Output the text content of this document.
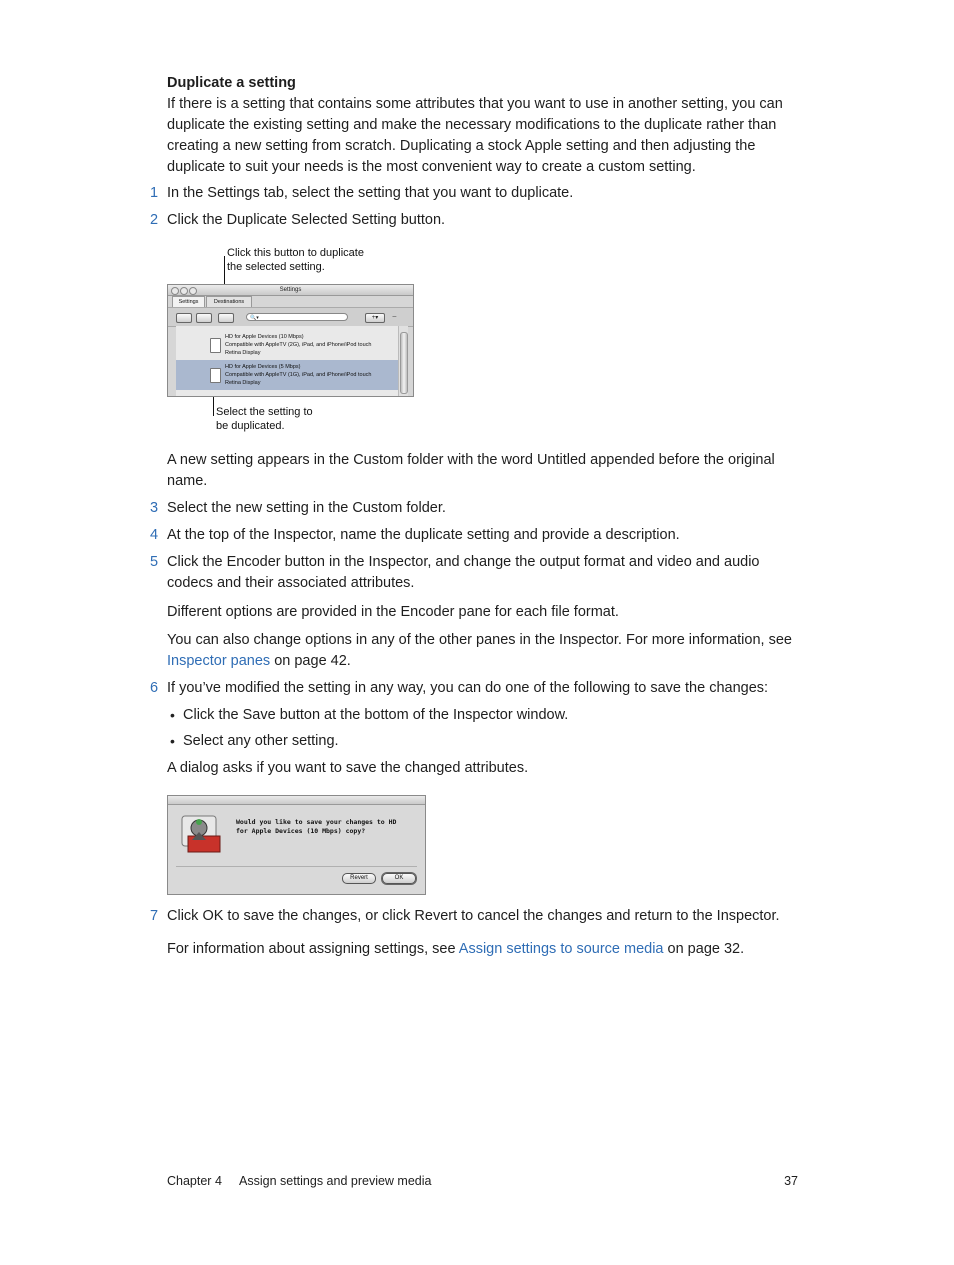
Duplicate a setting
If there is a setting that contains some attributes that you want to use in another setting, you can duplicate the existing setting and make the necessary modifications to the duplicate rather than creating a new setting from scratch. Duplicating a stock Apple setting and then adjusting the duplicate to suit your needs is the most convenient way to create a custom setting.
1 In the Settings tab, select the setting that you want to duplicate.
2 Click the Duplicate Selected Setting button.
Click this button to duplicate the selected setting.
Select the setting to be duplicated.
Settings
Settings	Destinations
🔍▾	+▾	−
HD for Apple Devices (10 Mbps)
Compatible with AppleTV (2G), iPad, and iPhone/iPod touch
Retina Display
HD for Apple Devices (5 Mbps)
Compatible with AppleTV (1G), iPad, and iPhone/iPod touch
Retina Display
A new setting appears in the Custom folder with the word Untitled appended before the original name.
3 Select the new setting in the Custom folder.
4 At the top of the Inspector, name the duplicate setting and provide a description.
5 Click the Encoder button in the Inspector, and change the output format and video and audio codecs and their associated attributes.
Different options are provided in the Encoder pane for each file format.
You can also change options in any of the other panes in the Inspector. For more information, see Inspector panes on page 42.
6 If you’ve modified the setting in any way, you can do one of the following to save the changes:
• Click the Save button at the bottom of the Inspector window.
• Select any other setting.
A dialog asks if you want to save the changed attributes.
Would you like to save your changes to HD
for Apple Devices (10 Mbps) copy?
Revert	OK
7 Click OK to save the changes, or click Revert to cancel the changes and return to the Inspector.
For information about assigning settings, see Assign settings to source media on page 32.
Chapter 4 Assign settings and preview media	37
